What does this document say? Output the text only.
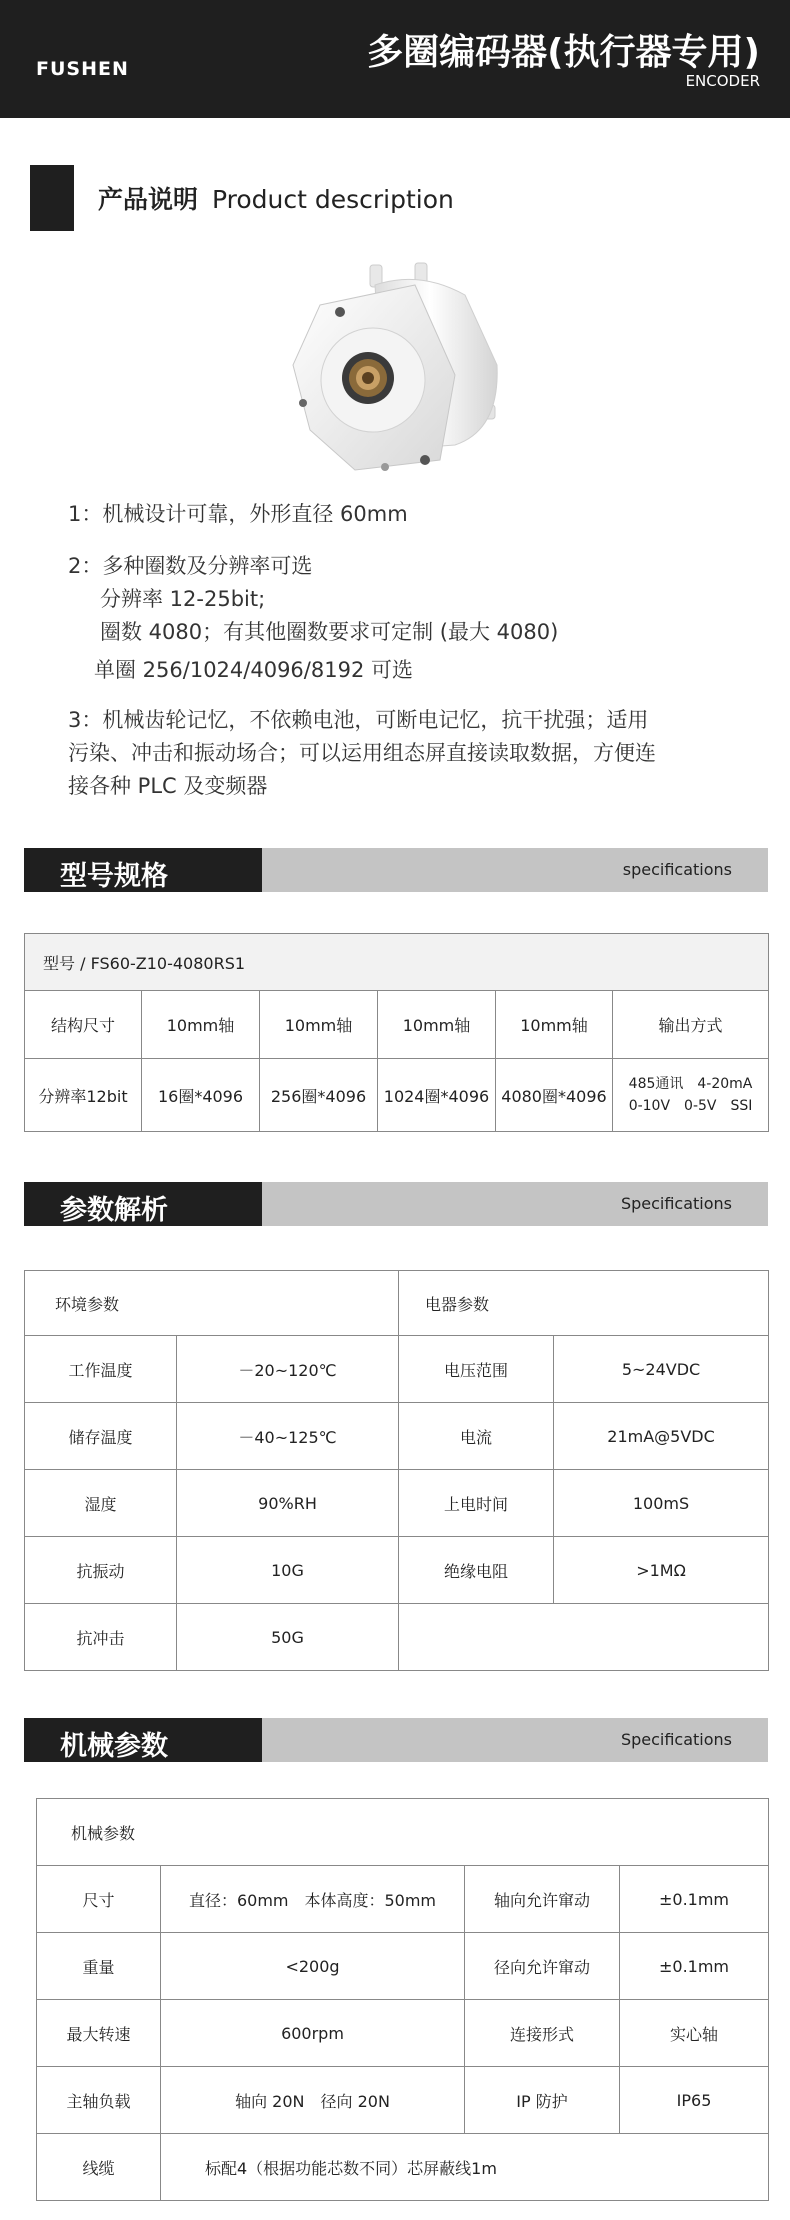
FUSHEN	多圈编码器(执行器专用)
ENCODER
产品说明 Product description
1：机械设计可靠，外形直径 60mm
2：多种圈数及分辨率可选
分辨率 12-25bit;
圈数 4080；有其他圈数要求可定制 (最大 4080)
单圈 256/1024/4096/8192 可选
3：机械齿轮记忆，不依赖电池，可断电记忆，抗干扰强；适用
污染、冲击和振动场合；可以运用组态屏直接读取数据，方便连
接各种 PLC 及变频器
型号规格	specifications
型号 / FS60-Z10-4080RS1					
结构尺寸	10mm轴	10mm轴	10mm轴	10mm轴	输出方式
分辨率12bit	16圈*4096	256圈*4096	1024圈*4096	4080圈*4096	485通讯　4-20mA
0-10V　0-5V　SSI
参数解析	Specifications
环境参数		电器参数	
工作温度	－20~120℃	电压范围	5~24VDC
储存温度	－40~125℃	电流	21mA@5VDC
湿度	90%RH	上电时间	100mS
抗振动	10G	绝缘电阻	>1MΩ
抗冲击	50G		
机械参数	Specifications
机械参数			
尺寸	直径：60mm　本体高度：50mm	轴向允许窜动	±0.1mm
重量	<200g	径向允许窜动	±0.1mm
最大转速	600rpm	连接形式	实心轴
主轴负载	轴向 20N　径向 20N	IP 防护	IP65
线缆	标配4（根据功能芯数不同）芯屏蔽线1m		
